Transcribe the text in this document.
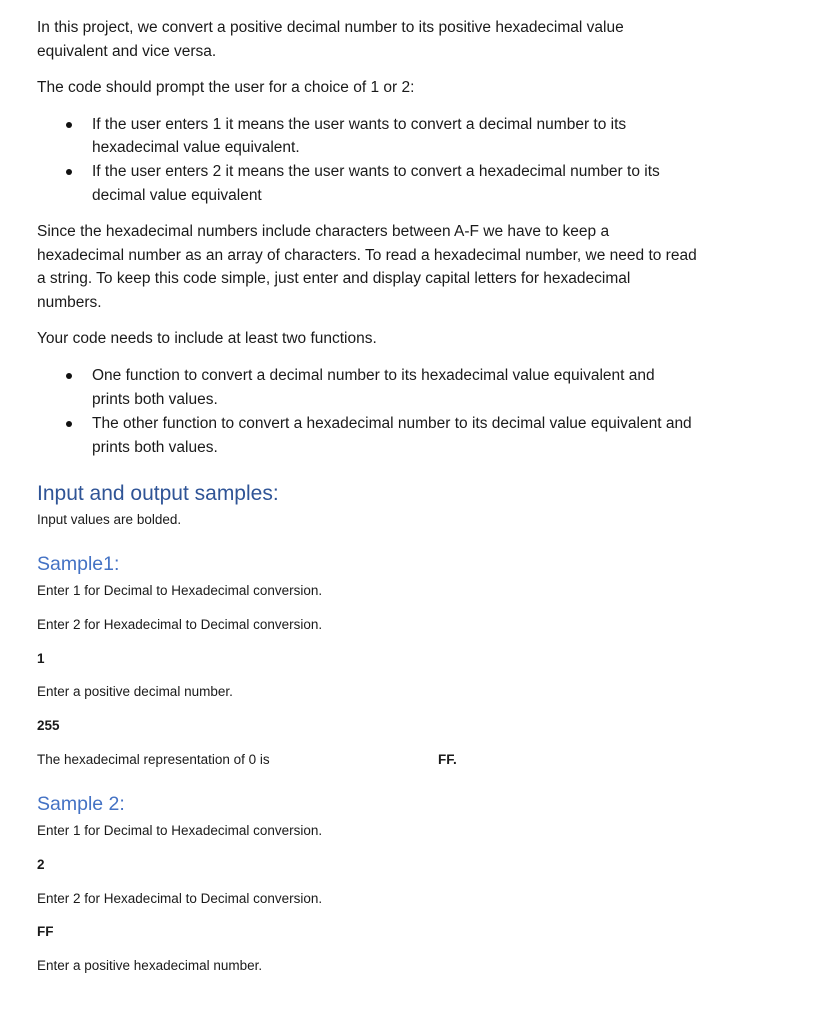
In this project, we convert a positive decimal number to its positive hexadecimal value

equivalent and vice versa.

The code should prompt the user for a choice of 1 or 2:

If the user enters 1 it means the user wants to convert a decimal number to its
hexadecimal value equivalent.
If the user enters 2 it means the user wants to convert a hexadecimal number to its
decimal value equivalent

Since the hexadecimal numbers include characters between A-F we have to keep a

hexadecimal number as an array of characters. To read a hexadecimal number, we need to read

a string. To keep this code simple, just enter and display capital letters for hexadecimal

numbers.

Your code needs to include at least two functions.

One function to convert a decimal number to its hexadecimal value equivalent and
prints both values.
The other function to convert a hexadecimal number to its decimal value equivalent and
prints both values.

Input and output samples:

Input values are bolded.

Sample1:

Enter 1 for Decimal to Hexadecimal conversion.

Enter 2 for Hexadecimal to Decimal conversion.

1

Enter a positive decimal number.

255

The hexadecimal representation of 0 is	FF.

Sample 2:

Enter 1 for Decimal to Hexadecimal conversion.

2

Enter 2 for Hexadecimal to Decimal conversion.

FF

Enter a positive hexadecimal number.
